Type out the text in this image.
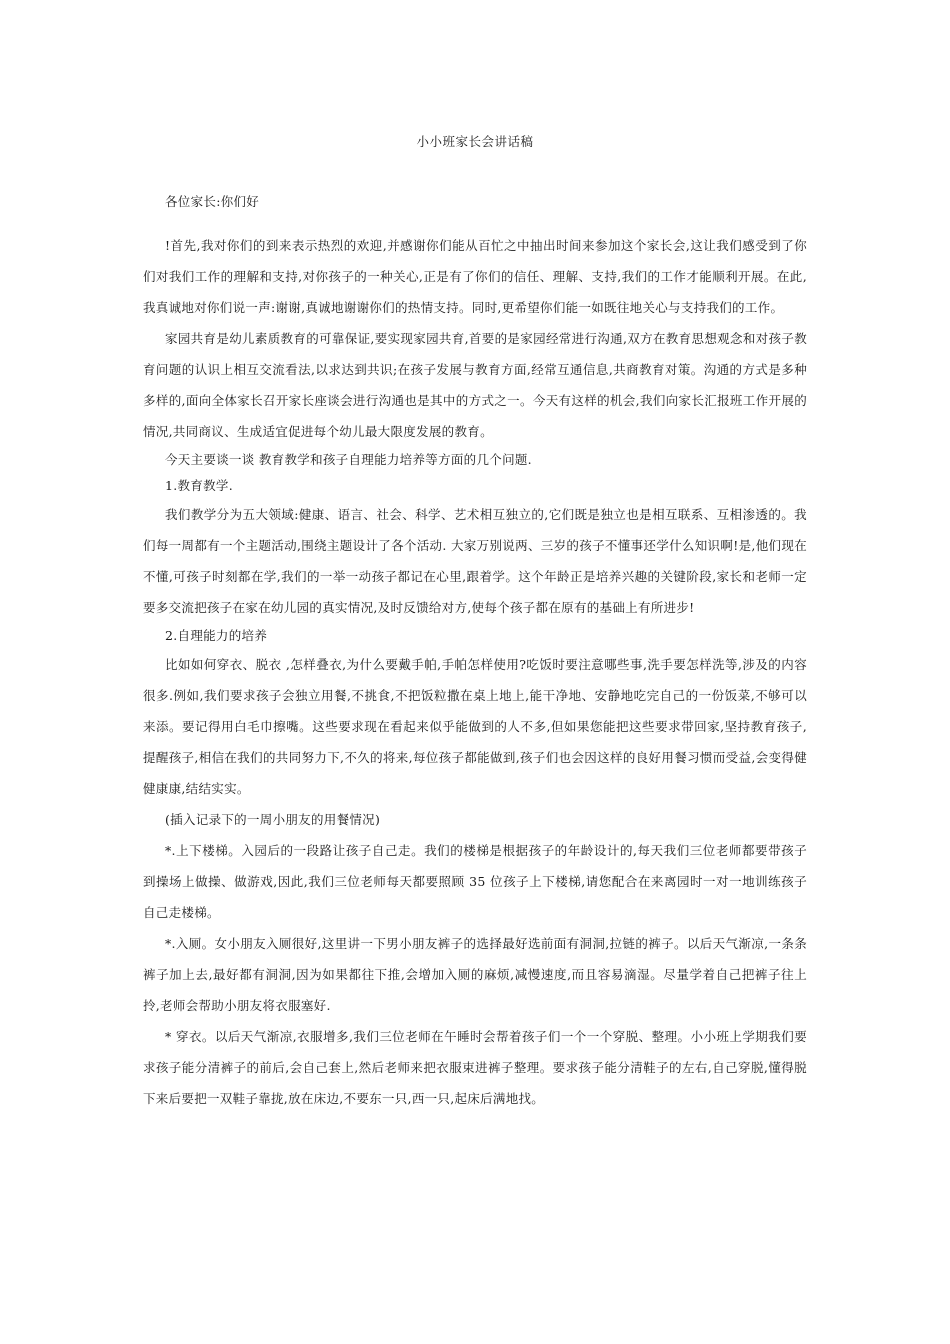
小小班家长会讲话稿

各位家长:你们好

!首先,我对你们的到来表示热烈的欢迎,并感谢你们能从百忙之中抽出时间来参加这个家长会,这让我们感受到了你们对我们工作的理解和支持,对你孩子的一种关心,正是有了你们的信任、理解、支持,我们的工作才能顺利开展。在此,我真诚地对你们说一声:谢谢,真诚地谢谢你们的热情支持。同时,更希望你们能一如既往地关心与支持我们的工作。

家园共育是幼儿素质教育的可靠保证,要实现家园共育,首要的是家园经常进行沟通,双方在教育思想观念和对孩子教育问题的认识上相互交流看法,以求达到共识;在孩子发展与教育方面,经常互通信息,共商教育对策。沟通的方式是多种多样的,面向全体家长召开家长座谈会进行沟通也是其中的方式之一。今天有这样的机会,我们向家长汇报班工作开展的情况,共同商议、生成适宜促进每个幼儿最大限度发展的教育。

今天主要谈一谈 教育教学和孩子自理能力培养等方面的几个问题.

1.教育教学.

我们教学分为五大领域:健康、语言、社会、科学、艺术相互独立的,它们既是独立也是相互联系、互相渗透的。我们每一周都有一个主题活动,围绕主题设计了各个活动. 大家万别说两、三岁的孩子不懂事还学什么知识啊!是,他们现在不懂,可孩子时刻都在学,我们的一举一动孩子都记在心里,跟着学。这个年龄正是培养兴趣的关键阶段,家长和老师一定要多交流把孩子在家在幼儿园的真实情况,及时反馈给对方,使每个孩子都在原有的基础上有所进步!

2.自理能力的培养

比如如何穿衣、脱衣 ,怎样叠衣,为什么要戴手帕,手帕怎样使用?吃饭时要注意哪些事,洗手要怎样洗等,涉及的内容很多.例如,我们要求孩子会独立用餐,不挑食,不把饭粒撒在桌上地上,能干净地、安静地吃完自己的一份饭菜,不够可以来添。要记得用白毛巾擦嘴。这些要求现在看起来似乎能做到的人不多,但如果您能把这些要求带回家,坚持教育孩子,提醒孩子,相信在我们的共同努力下,不久的将来,每位孩子都能做到,孩子们也会因这样的良好用餐习惯而受益,会变得健健康康,结结实实。

(插入记录下的一周小朋友的用餐情况)

*.上下楼梯。入园后的一段路让孩子自己走。我们的楼梯是根据孩子的年龄设计的,每天我们三位老师都要带孩子到操场上做操、做游戏,因此,我们三位老师每天都要照顾 35 位孩子上下楼梯,请您配合在来离园时一对一地训练孩子自己走楼梯。

*.入厕。女小朋友入厕很好,这里讲一下男小朋友裤子的选择最好选前面有洞洞,拉链的裤子。以后天气渐凉,一条条裤子加上去,最好都有洞洞,因为如果都往下推,会增加入厕的麻烦,减慢速度,而且容易滴湿。尽量学着自己把裤子往上拎,老师会帮助小朋友将衣服塞好.

* 穿衣。以后天气渐凉,衣服增多,我们三位老师在午睡时会帮着孩子们一个一个穿脱、整理。小小班上学期我们要求孩子能分清裤子的前后,会自己套上,然后老师来把衣服束进裤子整理。要求孩子能分清鞋子的左右,自己穿脱,懂得脱下来后要把一双鞋子靠拢,放在床边,不要东一只,西一只,起床后满地找。
